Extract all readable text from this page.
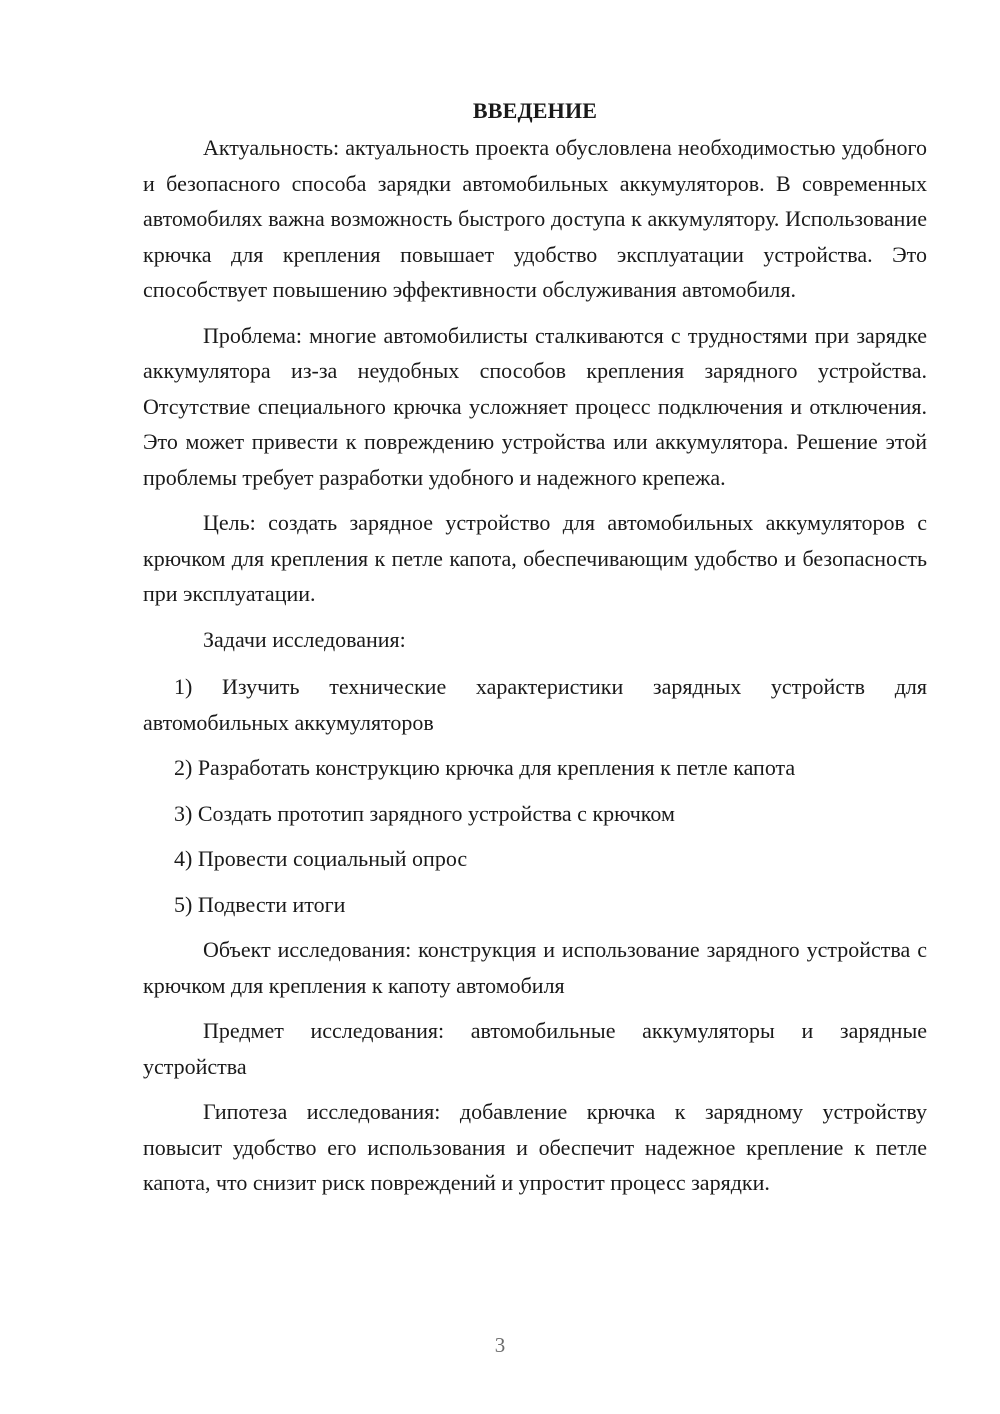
ВВЕДЕНИЕ

Актуальность: актуальность проекта обусловлена необходимостью удобного и безопасного способа зарядки автомобильных аккумуляторов. В современных автомобилях важна возможность быстрого доступа к аккумулятору. Использование крючка для крепления повышает удобство эксплуатации устройства. Это способствует повышению эффективности обслуживания автомобиля.

Проблема: многие автомобилисты сталкиваются с трудностями при зарядке аккумулятора из-за неудобных способов крепления зарядного устройства. Отсутствие специального крючка усложняет процесс подключения и отключения. Это может привести к повреждению устройства или аккумулятора. Решение этой проблемы требует разработки удобного и надежного крепежа.

Цель: создать зарядное устройство для автомобильных аккумуляторов с крючком для крепления к петле капота, обеспечивающим удобство и безопасность при эксплуатации.

Задачи исследования:

1) Изучить технические характеристики зарядных устройств для автомобильных аккумуляторов

2) Разработать конструкцию крючка для крепления к петле капота

3) Создать прототип зарядного устройства с крючком

4) Провести социальный опрос

5) Подвести итоги

Объект исследования: конструкция и использование зарядного устройства с крючком для крепления к капоту автомобиля

Предмет исследования: автомобильные аккумуляторы и зарядные устройства

Гипотеза исследования: добавление крючка к зарядному устройству повысит удобство его использования и обеспечит надежное крепление к петле капота, что снизит риск повреждений и упростит процесс зарядки.

3
